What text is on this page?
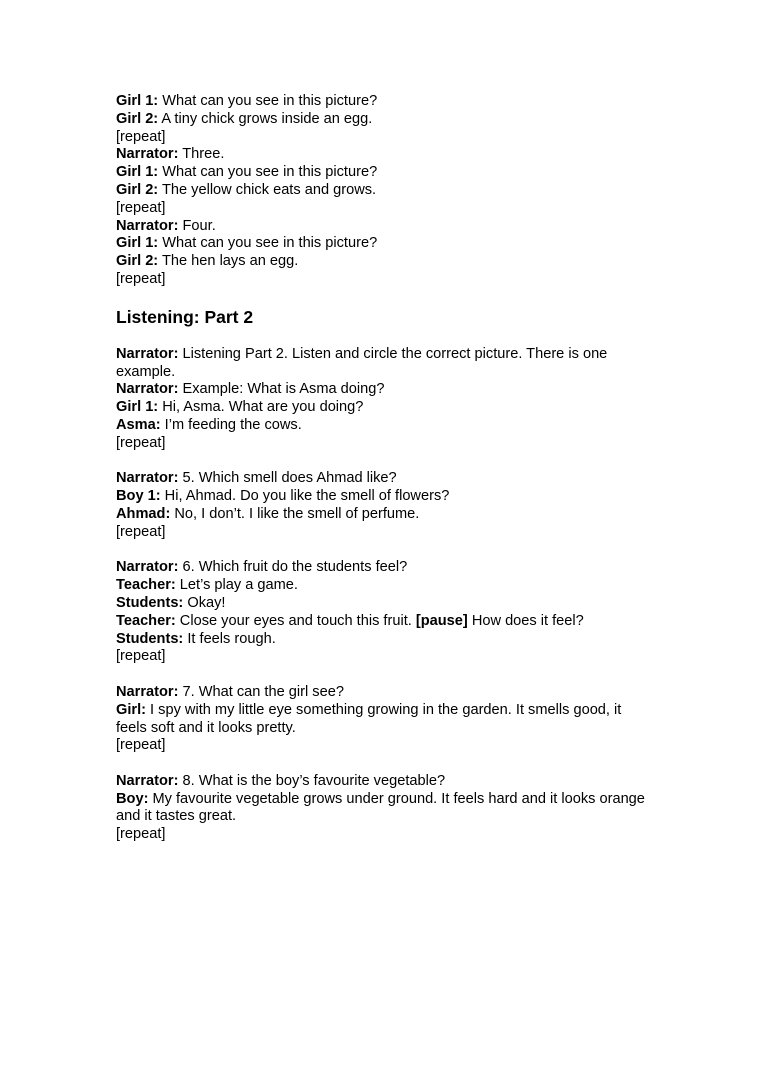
Girl 1: What can you see in this picture?

Girl 2: A tiny chick grows inside an egg.

[repeat]

Narrator: Three.

Girl 1: What can you see in this picture?

Girl 2: The yellow chick eats and grows.

[repeat]

Narrator: Four.

Girl 1: What can you see in this picture?

Girl 2: The hen lays an egg.

[repeat]

Listening: Part 2

Narrator: Listening Part 2. Listen and circle the correct picture. There is one example.

Narrator: Example: What is Asma doing?

Girl 1: Hi, Asma. What are you doing?

Asma: I’m feeding the cows.

[repeat]

Narrator: 5. Which smell does Ahmad like?

Boy 1: Hi, Ahmad. Do you like the smell of flowers?

Ahmad: No, I don’t. I like the smell of perfume.

[repeat]

Narrator: 6. Which fruit do the students feel?

Teacher: Let’s play a game.

Students: Okay!

Teacher: Close your eyes and touch this fruit. [pause] How does it feel?

Students: It feels rough.

[repeat]

Narrator: 7. What can the girl see?

Girl: I spy with my little eye something growing in the garden. It smells good, it feels soft and it looks pretty.

[repeat]

Narrator: 8. What is the boy’s favourite vegetable?

Boy: My favourite vegetable grows under ground. It feels hard and it looks orange and it tastes great.

[repeat]
